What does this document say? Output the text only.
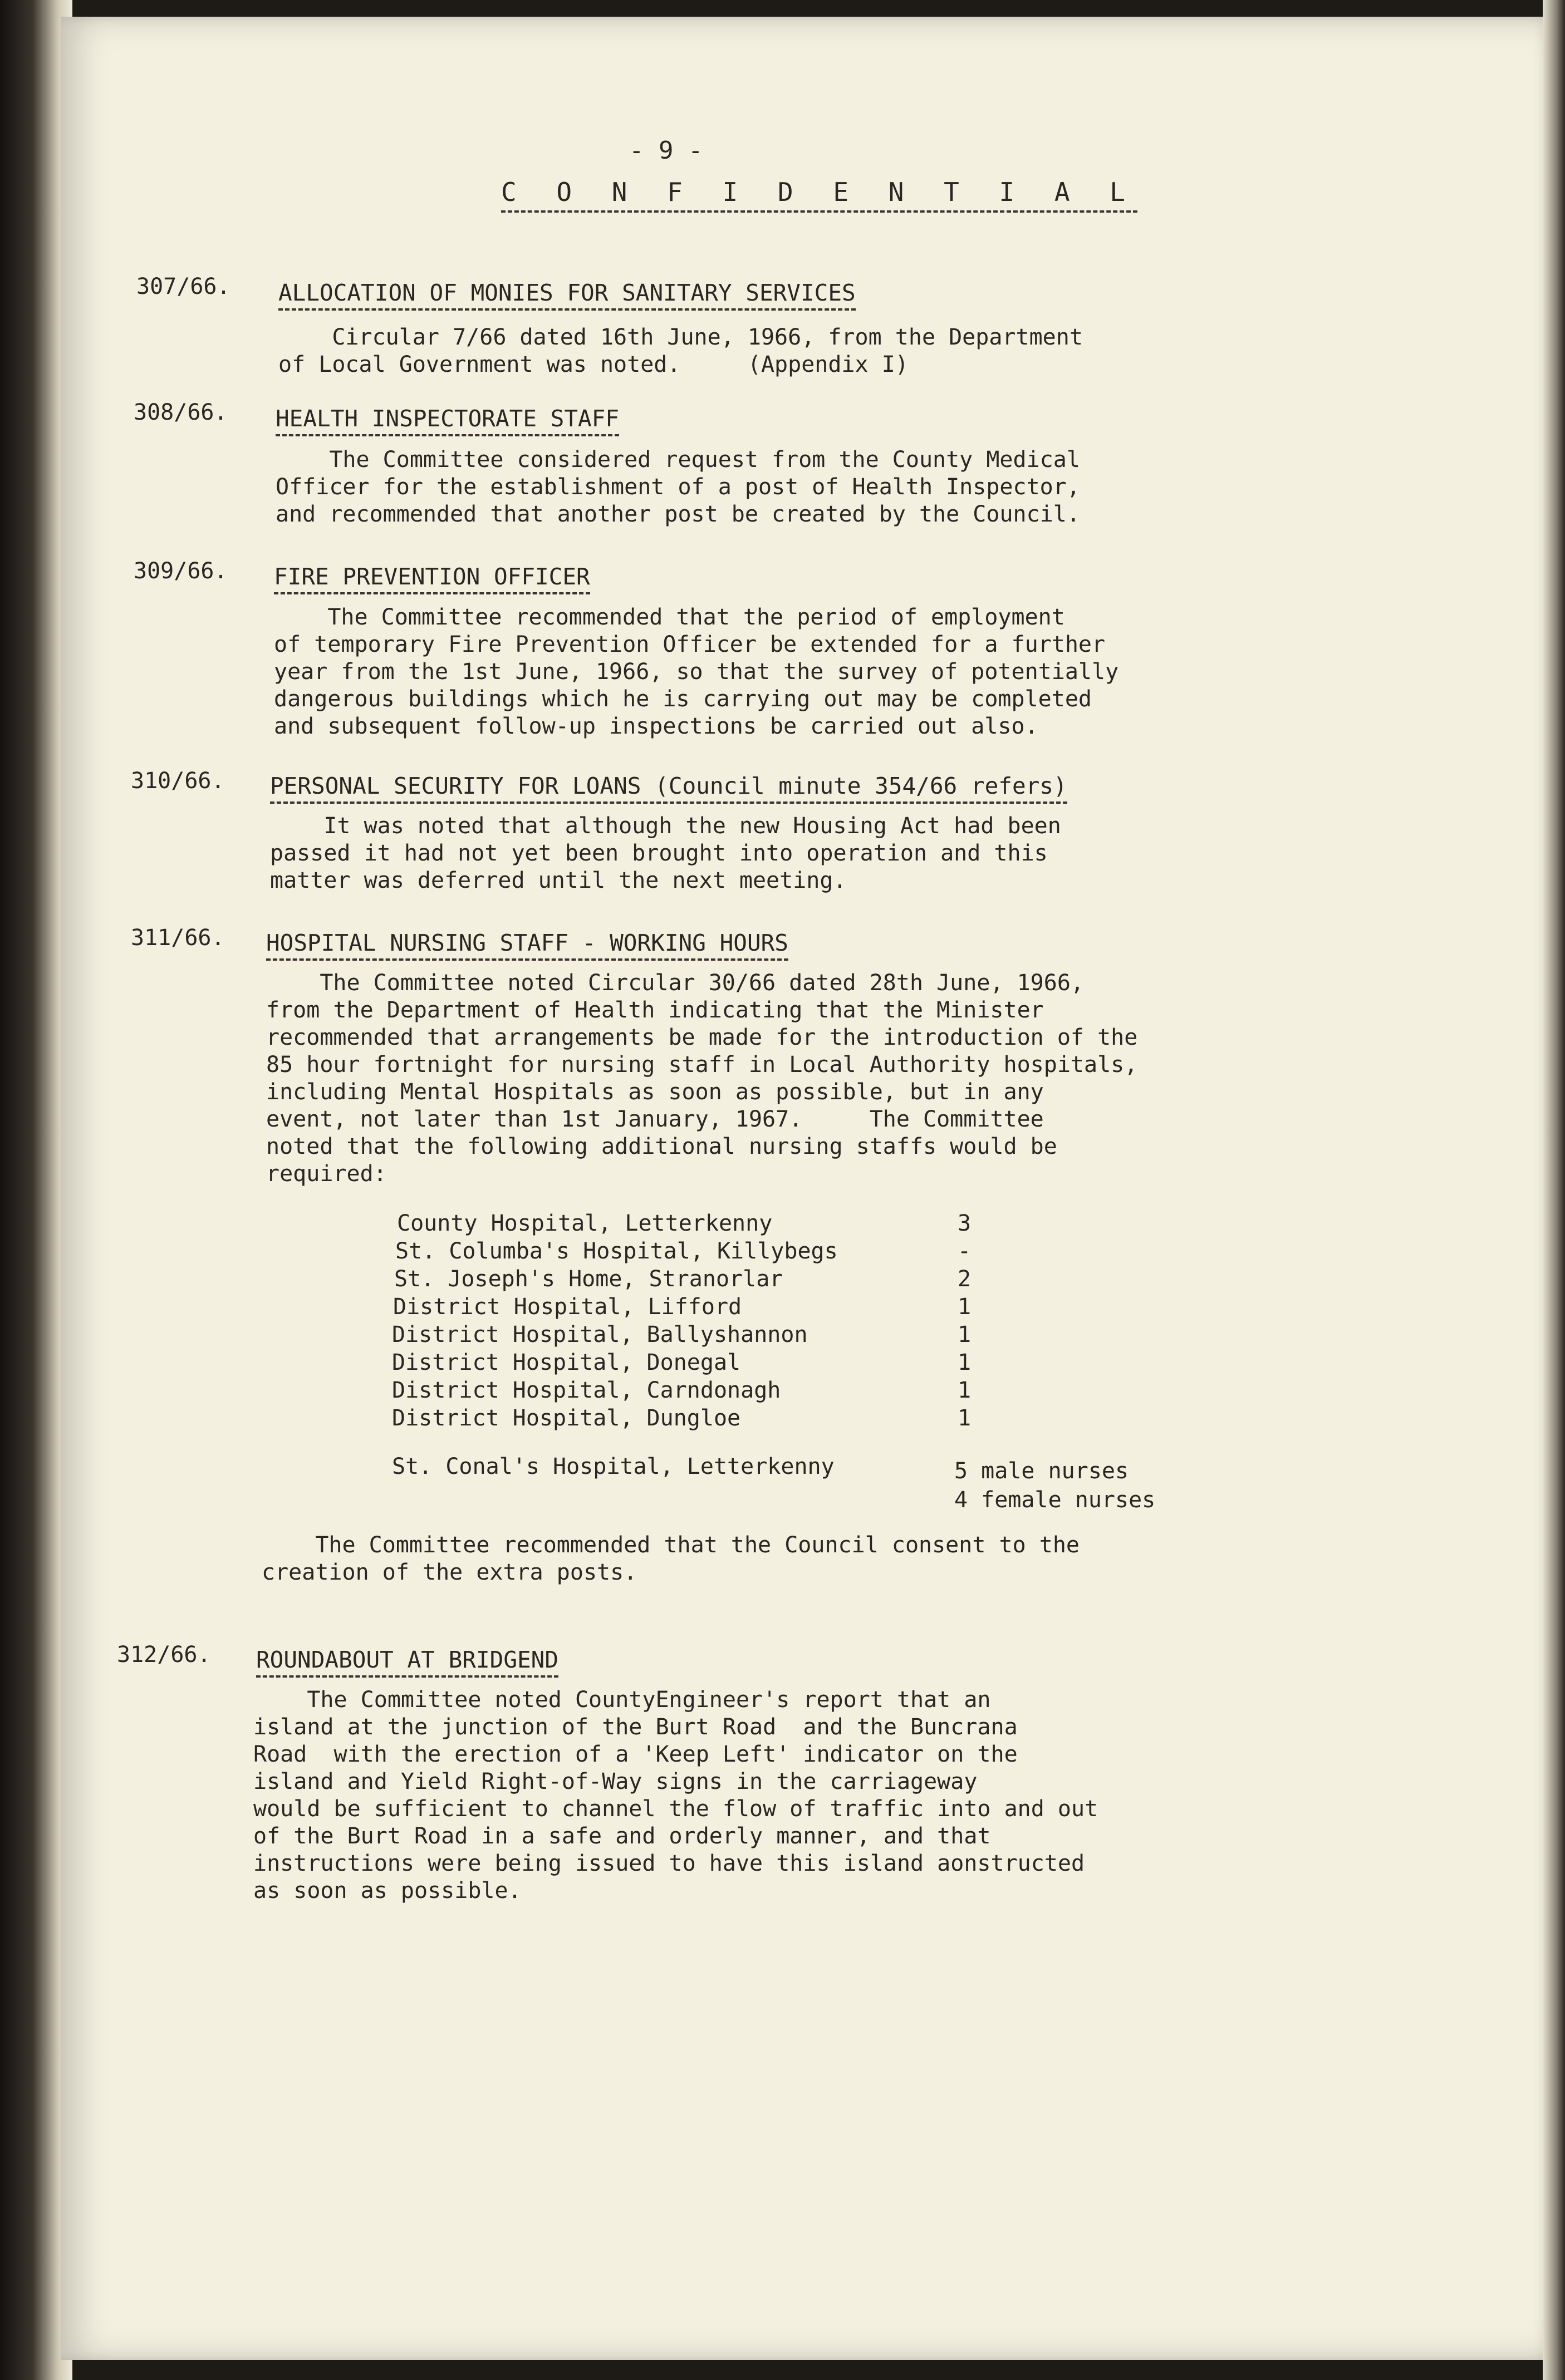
- 9 -
C O N F I D E N T I A L
307/66. ALLOCATION OF MONIES FOR SANITARY SERVICES
Circular 7/66 dated 16th June, 1966, from the Department
of Local Government was noted.     (Appendix I)
308/66. HEALTH INSPECTORATE STAFF
The Committee considered request from the County Medical
Officer for the establishment of a post of Health Inspector,
and recommended that another post be created by the Council.
309/66. FIRE PREVENTION OFFICER
The Committee recommended that the period of employment
of temporary Fire Prevention Officer be extended for a further
year from the 1st June, 1966, so that the survey of potentially
dangerous buildings which he is carrying out may be completed
and subsequent follow-up inspections be carried out also.
310/66. PERSONAL SECURITY FOR LOANS (Council minute 354/66 refers)
It was noted that although the new Housing Act had been
passed it had not yet been brought into operation and this
matter was deferred until the next meeting.
311/66. HOSPITAL NURSING STAFF - WORKING HOURS
The Committee noted Circular 30/66 dated 28th June, 1966,
from the Department of Health indicating that the Minister
recommended that arrangements be made for the introduction of the
85 hour fortnight for nursing staff in Local Authority hospitals,
including Mental Hospitals as soon as possible, but in any
event, not later than 1st January, 1967.     The Committee
noted that the following additional nursing staffs would be
required:
County Hospital, Letterkenny	3
St. Columba's Hospital, Killybegs	-
St. Joseph's Home, Stranorlar	2
District Hospital, Lifford	1
District Hospital, Ballyshannon	1
District Hospital, Donegal	1
District Hospital, Carndonagh	1
District Hospital, Dungloe	1
St. Conal's Hospital, Letterkenny	5 male nurses
4 female nurses
The Committee recommended that the Council consent to the
creation of the extra posts.
312/66. ROUNDABOUT AT BRIDGEND
The Committee noted CountyEngineer's report that an
island at the junction of the Burt Road  and the Buncrana
Road  with the erection of a 'Keep Left' indicator on the
island and Yield Right-of-Way signs in the carriageway
would be sufficient to channel the flow of traffic into and out
of the Burt Road in a safe and orderly manner, and that
instructions were being issued to have this island aonstructed
as soon as possible.
